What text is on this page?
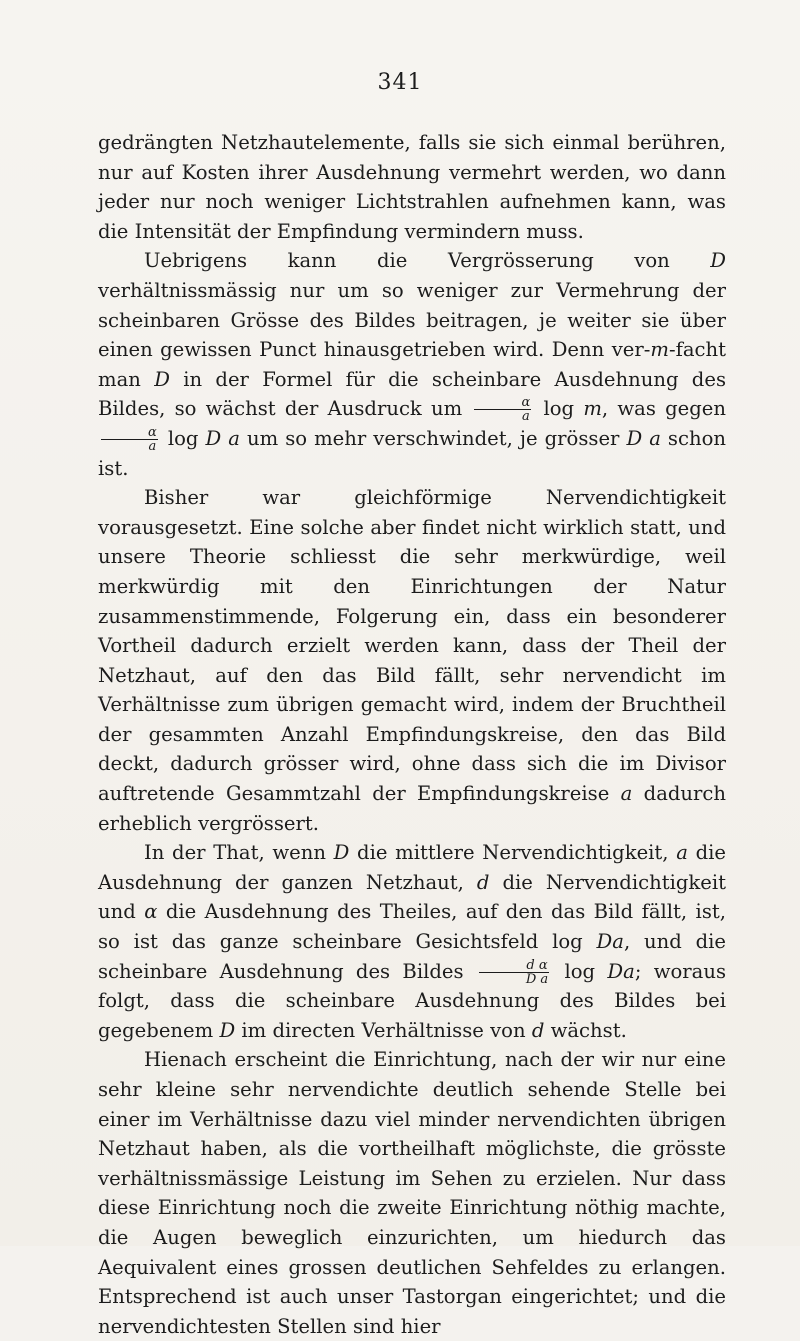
341

gedrängten Netzhautelemente, falls sie sich einmal berühren, nur auf Kosten ihrer Ausdehnung vermehrt werden, wo dann jeder nur noch weniger Lichtstrahlen aufnehmen kann, was die Intensität der Empfindung vermindern muss.

Uebrigens kann die Vergrösserung von D verhältnissmässig nur um so weniger zur Vermehrung der scheinbaren Grösse des Bildes beitragen, je weiter sie über einen gewissen Punct hinausgetrieben wird. Denn ver-m-facht man D in der Formel für die scheinbare Ausdehnung des Bildes, so wächst der Ausdruck um $\frac{\alpha}{a}$ log m, was gegen
$\frac{\alpha}{a}$ log D a um so mehr verschwindet, je grösser D a schon ist.

Bisher war gleichförmige Nervendichtigkeit vorausgesetzt. Eine solche aber findet nicht wirklich statt, und unsere Theorie schliesst die sehr merkwürdige, weil merkwürdig mit den Einrichtungen der Natur zusammenstimmende, Folgerung ein, dass ein besonderer Vortheil dadurch erzielt werden kann, dass der Theil der Netzhaut, auf den das Bild fällt, sehr nervendicht im Verhältnisse zum übrigen gemacht wird, indem der Bruchtheil der gesammten Anzahl Empfindungskreise, den das Bild deckt, dadurch grösser wird, ohne dass sich die im Divisor auftretende Gesammtzahl der Empfindungskreise a dadurch erheblich vergrössert.

In der That, wenn D die mittlere Nervendichtigkeit, a die Ausdehnung der ganzen Netzhaut, d die Nervendichtigkeit und α die Ausdehnung des Theiles, auf den das Bild fällt, ist, so ist das ganze scheinbare Gesichtsfeld log Da, und die scheinbare Ausdehnung des Bildes $\frac{\text{d α}}{\text{D a}}$ log Da; woraus folgt, dass die scheinbare Ausdehnung des Bildes bei gegebenem D im directen Verhältnisse von d wächst.

Hienach erscheint die Einrichtung, nach der wir nur eine sehr kleine sehr nervendichte deutlich sehende Stelle bei einer im Verhältnisse dazu viel minder nervendichten übrigen Netzhaut haben, als die vortheilhaft möglichste, die grösste verhältnissmässige Leistung im Sehen zu erzielen. Nur dass diese Einrichtung noch die zweite Einrichtung nöthig machte, die Augen beweglich einzurichten, um hiedurch das Aequivalent eines grossen deutlichen Sehfeldes zu erlangen. Entsprechend ist auch unser Tastorgan eingerichtet; und die nervendichtesten Stellen sind hier
